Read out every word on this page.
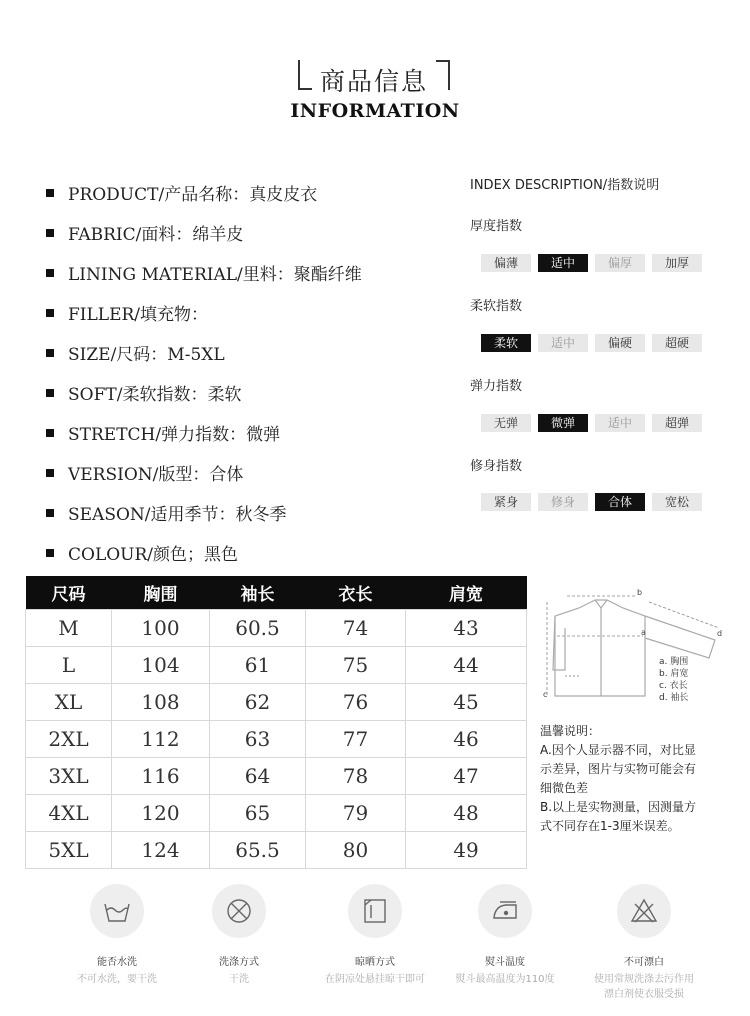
商品信息
INFORMATION
PRODUCT/产品名称：真皮皮衣
FABRIC/面料：绵羊皮
LINING MATERIAL/里料：聚酯纤维
FILLER/填充物：
SIZE/尺码：M-5XL
SOFT/柔软指数：柔软
STRETCH/弹力指数：微弹
VERSION/版型：合体
SEASON/适用季节：秋冬季
COLOUR/颜色；黑色
INDEX DESCRIPTION/指数说明
厚度指数
偏薄	适中	偏厚	加厚
柔软指数
柔软	适中	偏硬	超硬
弹力指数
无弹	微弹	适中	超弹
修身指数
紧身	修身	合体	宽松
尺码	胸围	袖长	衣长	肩宽
M	100	60.5	74	43
L	104	61	75	44
XL	108	62	76	45
2XL	112	63	77	46
3XL	116	64	78	47
4XL	120	65	79	48
5XL	124	65.5	80	49
b
a
c
d
a. 胸围
b. 肩宽
c. 衣长
d. 袖长
温馨说明：
A.因个人显示器不同，对比显
示差异，图片与实物可能会有
细微色差
B.以上是实物测量，因测量方
式不同存在1-3厘米误差。
能否水洗
不可水洗，要干洗
洗涤方式
干洗
晾晒方式
在阴凉处悬挂晾干即可
熨斗温度
熨斗最高温度为110度
不可漂白
使用常规洗涤去污作用
漂白剂使衣服受损
